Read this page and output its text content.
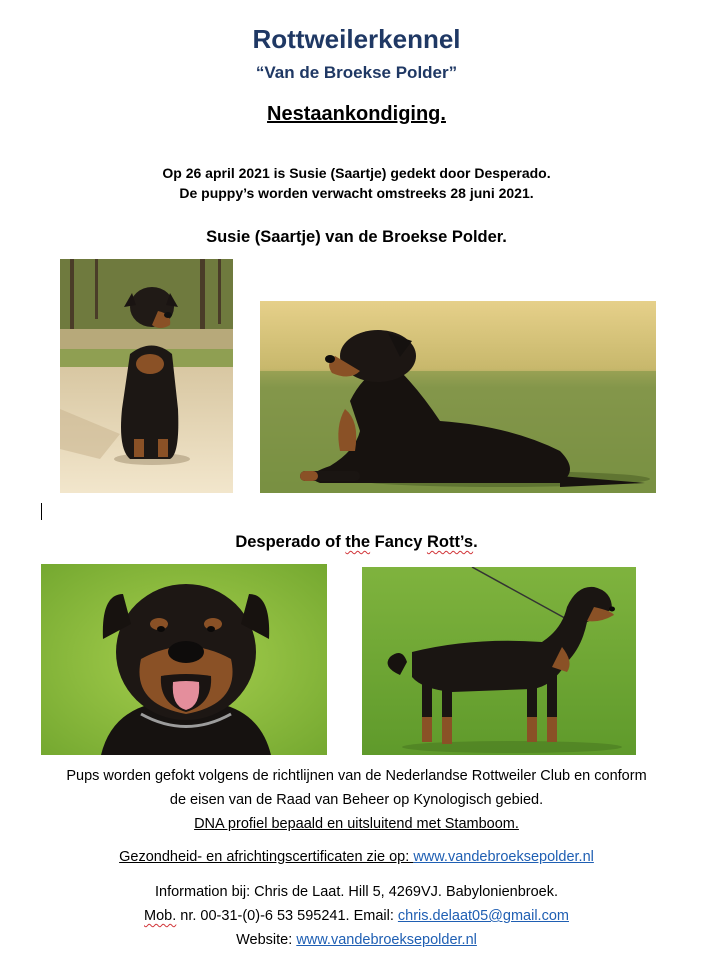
Rottweilerkennel
“Van de Broekse Polder”
Nestaankondiging.
Op 26 april 2021 is Susie (Saartje) gedekt door Desperado.
De puppy’s worden verwacht omstreeks 28 juni 2021.
Susie (Saartje) van de Broekse Polder.
Desperado of the Fancy Rott’s.
Pups worden gefokt volgens de richtlijnen van de Nederlandse Rottweiler Club en conform
de eisen van de Raad van Beheer op Kynologisch gebied.
DNA profiel bepaald en uitsluitend met Stamboom.
Gezondheid- en africhtingscertificaten zie op: www.vandebroeksepolder.nl
Information bij: Chris de Laat. Hill 5, 4269VJ. Babylonienbroek.
Mob. nr. 00-31-(0)-6 53 595241. Email: chris.delaat05@gmail.com
Website: www.vandebroeksepolder.nl
